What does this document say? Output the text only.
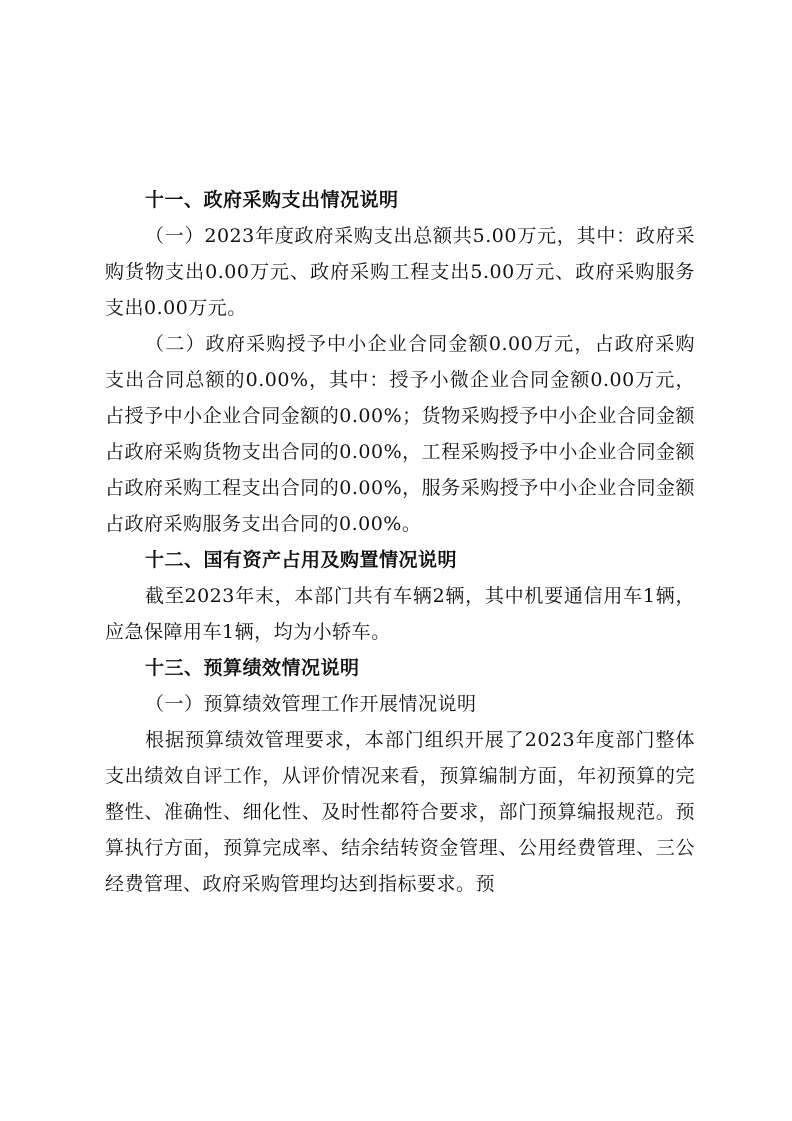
十一、政府采购支出情况说明

（一）2023年度政府采购支出总额共5.00万元，其中：政府采购货物支出0.00万元、政府采购工程支出5.00万元、政府采购服务支出0.00万元。

（二）政府采购授予中小企业合同金额0.00万元，占政府采购支出合同总额的0.00%，其中：授予小微企业合同金额0.00万元，占授予中小企业合同金额的0.00%；货物采购授予中小企业合同金额占政府采购货物支出合同的0.00%，工程采购授予中小企业合同金额占政府采购工程支出合同的0.00%，服务采购授予中小企业合同金额占政府采购服务支出合同的0.00%。

十二、国有资产占用及购置情况说明

截至2023年末，本部门共有车辆2辆，其中机要通信用车1辆，应急保障用车1辆，均为小轿车。

十三、预算绩效情况说明

（一）预算绩效管理工作开展情况说明

根据预算绩效管理要求，本部门组织开展了2023年度部门整体支出绩效自评工作，从评价情况来看，预算编制方面，年初预算的完整性、准确性、细化性、及时性都符合要求，部门预算编报规范。预算执行方面，预算完成率、结余结转资金管理、公用经费管理、三公经费管理、政府采购管理均达到指标要求。预
